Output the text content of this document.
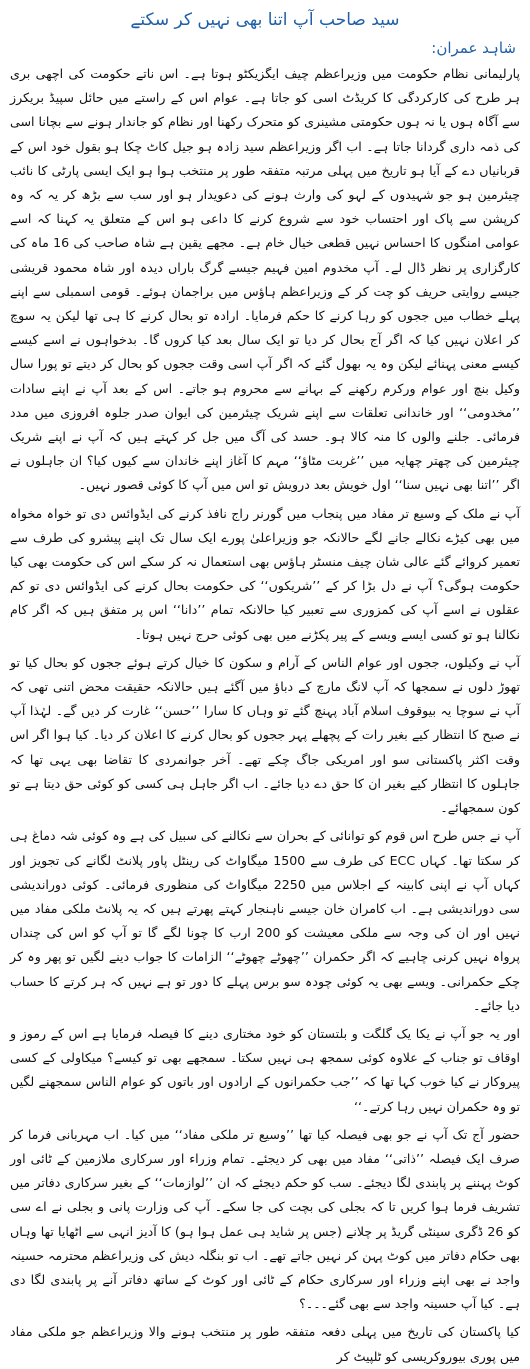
سید صاحب آپ اتنا بھی نہیں کر سکتے
شاہد عمران:

پارلیمانی نظام حکومت میں وزیراعظم چیف ایگزیکٹو ہوتا ہے۔ اس ناتے حکومت کی اچھی بری ہر طرح کی کارکردگی کا کریڈٹ اسی کو جاتا ہے۔ عوام اس کے راستے میں حائل سپیڈ بریکرز سے آگاہ ہوں یا نہ ہوں حکومتی مشینری کو متحرک رکھنا اور نظام کو جاندار ہونے سے بچانا اسی کی ذمہ داری گردانا جاتا ہے۔ اب اگر وزیراعظم سید زادہ ہو جیل کاٹ چکا ہو بقول خود اس کے قربانیاں دے کے آیا ہو تاریخ میں پہلی مرتبہ متفقہ طور پر منتخب ہوا ہو ایک ایسی پارٹی کا نائب چیئرمین ہو جو شہیدوں کے لہو کی وارث ہونے کی دعویدار ہو اور سب سے بڑھ کر یہ کہ وہ کرپشن سے پاک اور احتساب خود سے شروع کرنے کا داعی ہو اس کے متعلق یہ کہنا کہ اسے عوامی امنگوں کا احساس نہیں قطعی خیال خام ہے۔ مجھے یقین ہے شاہ صاحب کی 16 ماہ کی کارگزاری پر نظر ڈال لے۔ آپ مخدوم امین فہیم جیسے گرگ باراں دیدہ اور شاہ محمود قریشی جیسے روایتی حریف کو چت کر کے وزیراعظم ہاؤس میں براجمان ہوئے۔ قومی اسمبلی سے اپنے پہلے خطاب میں ججوں کو رہا کرنے کا حکم فرمایا۔ ارادہ تو بحال کرنے کا ہی تھا لیکن یہ سوچ کر اعلان نہیں کیا کہ اگر آج بحال کر دیا تو ایک سال بعد کیا کروں گا۔ بدخواہوں نے اسے کیسے کیسے معنی پہنائے لیکن وہ یہ بھول گئے کہ اگر آپ اسی وقت ججوں کو بحال کر دیتے تو پورا سال وکیل بنچ اور عوام ورکرم رکھنے کے بہانے سے محروم ہو جاتے۔ اس کے بعد آپ نے اپنے سادات ’’مخدومی‘‘ اور خاندانی تعلقات سے اپنے شریک چیئرمین کی ایوان صدر جلوہ افروزی میں مدد فرمائی۔ جلنے والوں کا منہ کالا ہو۔ حسد کی آگ میں جل کر کہتے ہیں کہ آپ نے اپنے شریک چیئرمین کی چھتر چھایہ میں ’’غربت مٹاؤ‘‘ مہم کا آغاز اپنے خاندان سے کیوں کیا؟ ان جاہلوں نے اگر ’’اتنا بھی نہیں سنا‘‘ اول خویش بعد درویش تو اس میں آپ کا کوئی قصور نہیں۔

آپ نے ملک کے وسیع تر مفاد میں پنجاب میں گورنر راج نافذ کرنے کی ایڈوائس دی تو خواہ مخواہ میں بھی کیڑے نکالے جانے لگے حالانکہ جو وزیراعلیٰ پورے ایک سال تک اپنے پیشرو کی طرف سے تعمیر کروائے گئے عالی شان چیف منسٹر ہاؤس بھی استعمال نہ کر سکے اس کی حکومت بھی کیا حکومت ہوگی؟ آپ نے دل بڑا کر کے ’’شریکوں‘‘ کی حکومت بحال کرنے کی ایڈوائس دی تو کم عقلوں نے اسے آپ کی کمزوری سے تعبیر کیا حالانکہ تمام ’’دانا‘‘ اس پر متفق ہیں کہ اگر کام نکالنا ہو تو کسی ایسے ویسے کے پیر پکڑنے میں بھی کوئی حرج نہیں ہوتا۔

آپ نے وکیلوں، ججوں اور عوام الناس کے آرام و سکون کا خیال کرتے ہوئے ججوں کو بحال کیا تو تھوڑ دلوں نے سمجھا کہ آپ لانگ مارچ کے دباؤ میں آگئے ہیں حالانکہ حقیقت محض اتنی تھی کہ آپ نے سوچا یہ بیوقوف اسلام آباد پہنچ گئے تو وہاں کا سارا ’’حسن‘‘ غارت کر دیں گے۔ لہٰذا آپ نے صبح کا انتظار کیے بغیر رات کے پچھلے پہر ججوں کو بحال کرنے کا اعلان کر دیا۔ کیا ہوا اگر اس وقت اکثر پاکستانی سو اور امریکی جاگ چکے تھے۔ آخر جوانمردی کا تقاضا بھی یہی تھا کہ جاہلوں کا انتظار کیے بغیر ان کا حق دے دیا جائے۔ اب اگر جاہل ہی کسی کو کوئی حق دیتا ہے تو کون سمجھائے۔

آپ نے جس طرح اس قوم کو توانائی کے بحران سے نکالنے کی سبیل کی ہے وہ کوئی شہ دماغ ہی کر سکتا تھا۔ کہاں ECC کی طرف سے 1500 میگاواٹ کی رینٹل پاور پلانٹ لگانے کی تجویز اور کہاں آپ نے اپنی کابینہ کے اجلاس میں 2250 میگاواٹ کی منظوری فرمائی۔ کوئی دوراندیشی سی دوراندیشی ہے۔ اب کامران خان جیسے ناہنجار کہتے پھرتے ہیں کہ یہ پلانٹ ملکی مفاد میں نہیں اور ان کی وجہ سے ملکی معیشت کو 200 ارب کا چونا لگے گا تو آپ کو اس کی چنداں پرواہ نہیں کرنی چاہیے کہ اگر حکمران ’’چھوٹے چھوٹے‘‘ الزامات کا جواب دینے لگیں تو پھر وہ کر چکے حکمرانی۔ ویسے بھی یہ کوئی چودہ سو برس پہلے کا دور تو ہے نہیں کہ ہر کرتے کا حساب دیا جائے۔

اور یہ جو آپ نے یکا یک گلگت و بلتستان کو خود مختاری دینے کا فیصلہ فرمایا ہے اس کے رموز و اوقاف تو جناب کے علاوہ کوئی سمجھ ہی نہیں سکتا۔ سمجھے بھی تو کیسے؟ میکاولی کے کسی پیروکار نے کیا خوب کہا تھا کہ ’’جب حکمرانوں کے ارادوں اور باتوں کو عوام الناس سمجھنے لگیں تو وہ حکمران نہیں رہا کرتے۔‘‘

حضور آج تک آپ نے جو بھی فیصلہ کیا تھا ’’وسیع تر ملکی مفاد‘‘ میں کیا۔ اب مہربانی فرما کر صرف ایک فیصلہ ’’ذاتی‘‘ مفاد میں بھی کر دیجئے۔ تمام وزراء اور سرکاری ملازمین کے ٹائی اور کوٹ پہننے پر پابندی لگا دیجئے۔ سب کو حکم دیجئے کہ ان ’’لوازمات‘‘ کے بغیر سرکاری دفاتر میں تشریف فرما ہوا کریں تا کہ بجلی کی بچت کی جا سکے۔ آپ کی وزارت پانی و بجلی نے اے سی کو 26 ڈگری سینٹی گریڈ پر چلانے (جس پر شاید ہی عمل ہوا ہو) کا آدیز انہی سے اٹھایا تھا وہاں بھی حکام دفاتر میں کوٹ پہن کر نہیں جاتے تھے۔ اب تو بنگلہ دیش کی وزیراعظم محترمہ حسینہ واجد نے بھی اپنے وزراء اور سرکاری حکام کے ٹائی اور کوٹ کے ساتھ دفاتر آنے پر پابندی لگا دی ہے۔ کیا آپ حسینہ واجد سے بھی گئے۔۔۔؟

کیا پاکستان کی تاریخ میں پہلی دفعہ متفقہ طور پر منتخب ہونے والا وزیراعظم جو ملکی مفاد میں پوری بیوروکریسی کو ٹلپیٹ کر
